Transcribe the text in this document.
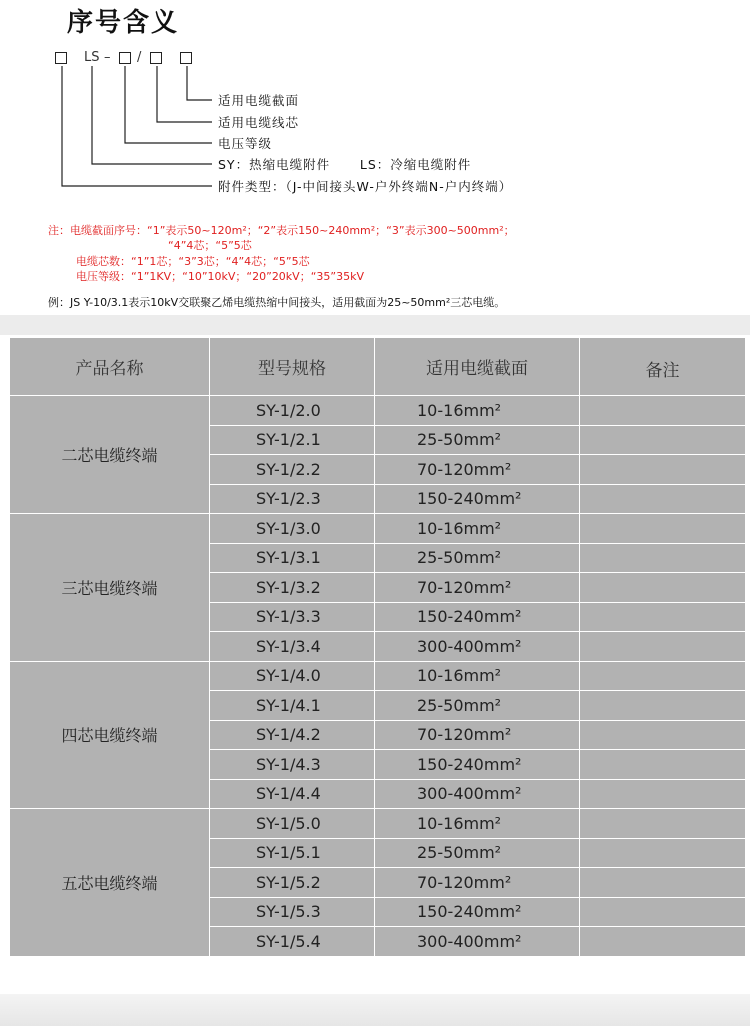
序号含义
LS – /
适用电缆截面
适用电缆线芯
电压等级
SY：热缩电缆附件      LS：冷缩电缆附件
附件类型：（J-中间接头W-户外终端N-户内终端）
注：电缆截面序号：“1”表示50~120m²；“2”表示150~240mm²；“3”表示300~500mm²；
“4”4芯；“5”5芯
电缆芯数：“1”1芯；“3”3芯；“4”4芯；“5”5芯
电压等级：“1”1KV；“10”10kV；“20”20kV；“35”35kV
例：JS Y-10/3.1表示10kV交联聚乙烯电缆热缩中间接头，适用截面为25~50mm²三芯电缆。
产品名称	型号规格	适用电缆截面	备注
二芯电缆终端	SY-1/2.0	10-16mm²	
	SY-1/2.1	25-50mm²	
	SY-1/2.2	70-120mm²	
	SY-1/2.3	150-240mm²	
三芯电缆终端	SY-1/3.0	10-16mm²	
	SY-1/3.1	25-50mm²	
	SY-1/3.2	70-120mm²	
	SY-1/3.3	150-240mm²	
	SY-1/3.4	300-400mm²	
四芯电缆终端	SY-1/4.0	10-16mm²	
	SY-1/4.1	25-50mm²	
	SY-1/4.2	70-120mm²	
	SY-1/4.3	150-240mm²	
	SY-1/4.4	300-400mm²	
五芯电缆终端	SY-1/5.0	10-16mm²	
	SY-1/5.1	25-50mm²	
	SY-1/5.2	70-120mm²	
	SY-1/5.3	150-240mm²	
	SY-1/5.4	300-400mm²	
